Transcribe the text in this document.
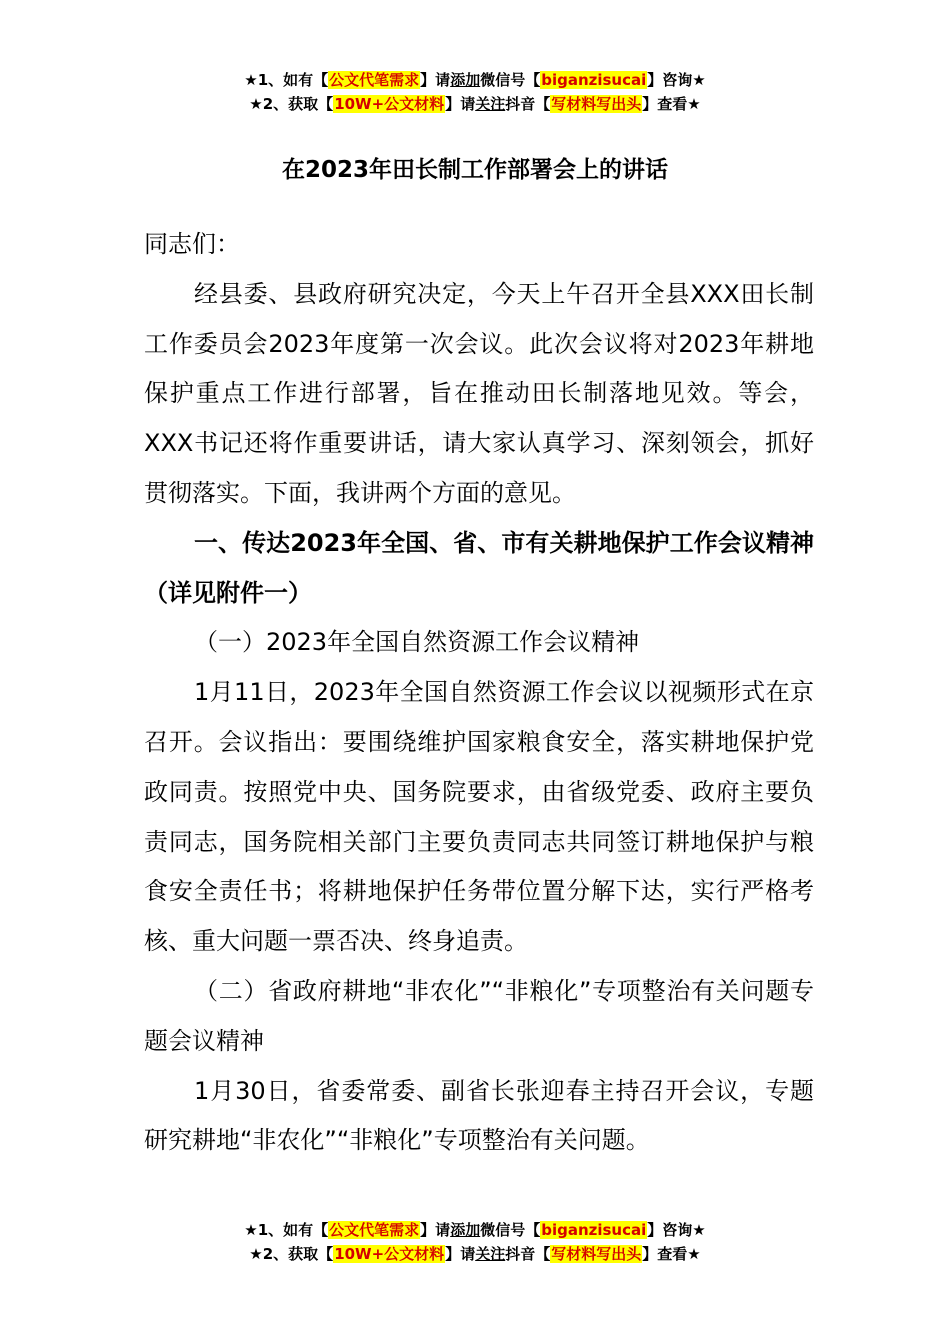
★1、如有【公文代笔需求】请添加微信号【biganzisucai】咨询★
★2、获取【10W+公文材料】请关注抖音【写材料写出头】查看★
在2023年田长制工作部署会上的讲话

同志们：

经县委、县政府研究决定，今天上午召开全县XXX田长制工作委员会2023年度第一次会议。此次会议将对2023年耕地保护重点工作进行部署，旨在推动田长制落地见效。等会，XXX书记还将作重要讲话，请大家认真学习、深刻领会，抓好贯彻落实。下面，我讲两个方面的意见。

一、传达2023年全国、省、市有关耕地保护工作会议精神（详见附件一）

（一）2023年全国自然资源工作会议精神

1月11日，2023年全国自然资源工作会议以视频形式在京召开。会议指出：要围绕维护国家粮食安全，落实耕地保护党政同责。按照党中央、国务院要求，由省级党委、政府主要负责同志，国务院相关部门主要负责同志共同签订耕地保护与粮食安全责任书；将耕地保护任务带位置分解下达，实行严格考核、重大问题一票否决、终身追责。

（二）省政府耕地“非农化”“非粮化”专项整治有关问题专题会议精神

1月30日，省委常委、副省长张迎春主持召开会议，专题研究耕地“非农化”“非粮化”专项整治有关问题。

★1、如有【公文代笔需求】请添加微信号【biganzisucai】咨询★
★2、获取【10W+公文材料】请关注抖音【写材料写出头】查看★
